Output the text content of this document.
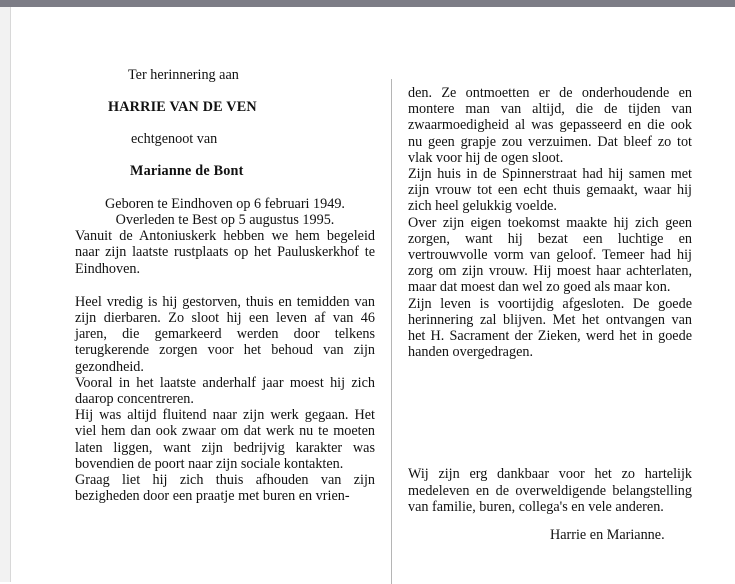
Ter herinnering aan
HARRIE VAN DE VEN
echtgenoot van
Marianne de Bont
Geboren te Eindhoven op 6 februari 1949.
Overleden te Best op 5 augustus 1995.

Vanuit de Antoniuskerk hebben we hem begeleid naar zijn laatste rustplaats op het Pauluskerkhof te Eindhoven.

Heel vredig is hij gestorven, thuis en temidden van zijn dierbaren. Zo sloot hij een leven af van 46 jaren, die gemarkeerd werden door telkens terugkerende zorgen voor het behoud van zijn gezondheid.

Vooral in het laatste anderhalf jaar moest hij zich daarop concentreren.

Hij was altijd fluitend naar zijn werk gegaan. Het viel hem dan ook zwaar om dat werk nu te moeten laten liggen, want zijn bedrijvig karakter was bovendien de poort naar zijn sociale kontakten.

Graag liet hij zich thuis afhouden van zijn bezigheden door een praatje met buren en vrien-

den. Ze ontmoetten er de onderhoudende en montere man van altijd, die de tijden van zwaarmoedigheid al was gepasseerd en die ook nu geen grapje zou verzuimen. Dat bleef zo tot vlak voor hij de ogen sloot.

Zijn huis in de Spinnerstraat had hij samen met zijn vrouw tot een echt thuis gemaakt, waar hij zich heel gelukkig voelde.

Over zijn eigen toekomst maakte hij zich geen zorgen, want hij bezat een luchtige en vertrouwvolle vorm van geloof. Temeer had hij zorg om zijn vrouw. Hij moest haar achterlaten, maar dat moest dan wel zo goed als maar kon.

Zijn leven is voortijdig afgesloten. De goede herinnering zal blijven. Met het ontvangen van het H. Sacrament der Zieken, werd het in goede handen overgedragen.

Wij zijn erg dankbaar voor het zo hartelijk medeleven en de overweldigende belangstelling van familie, buren, collega's en vele anderen.

Harrie en Marianne.
